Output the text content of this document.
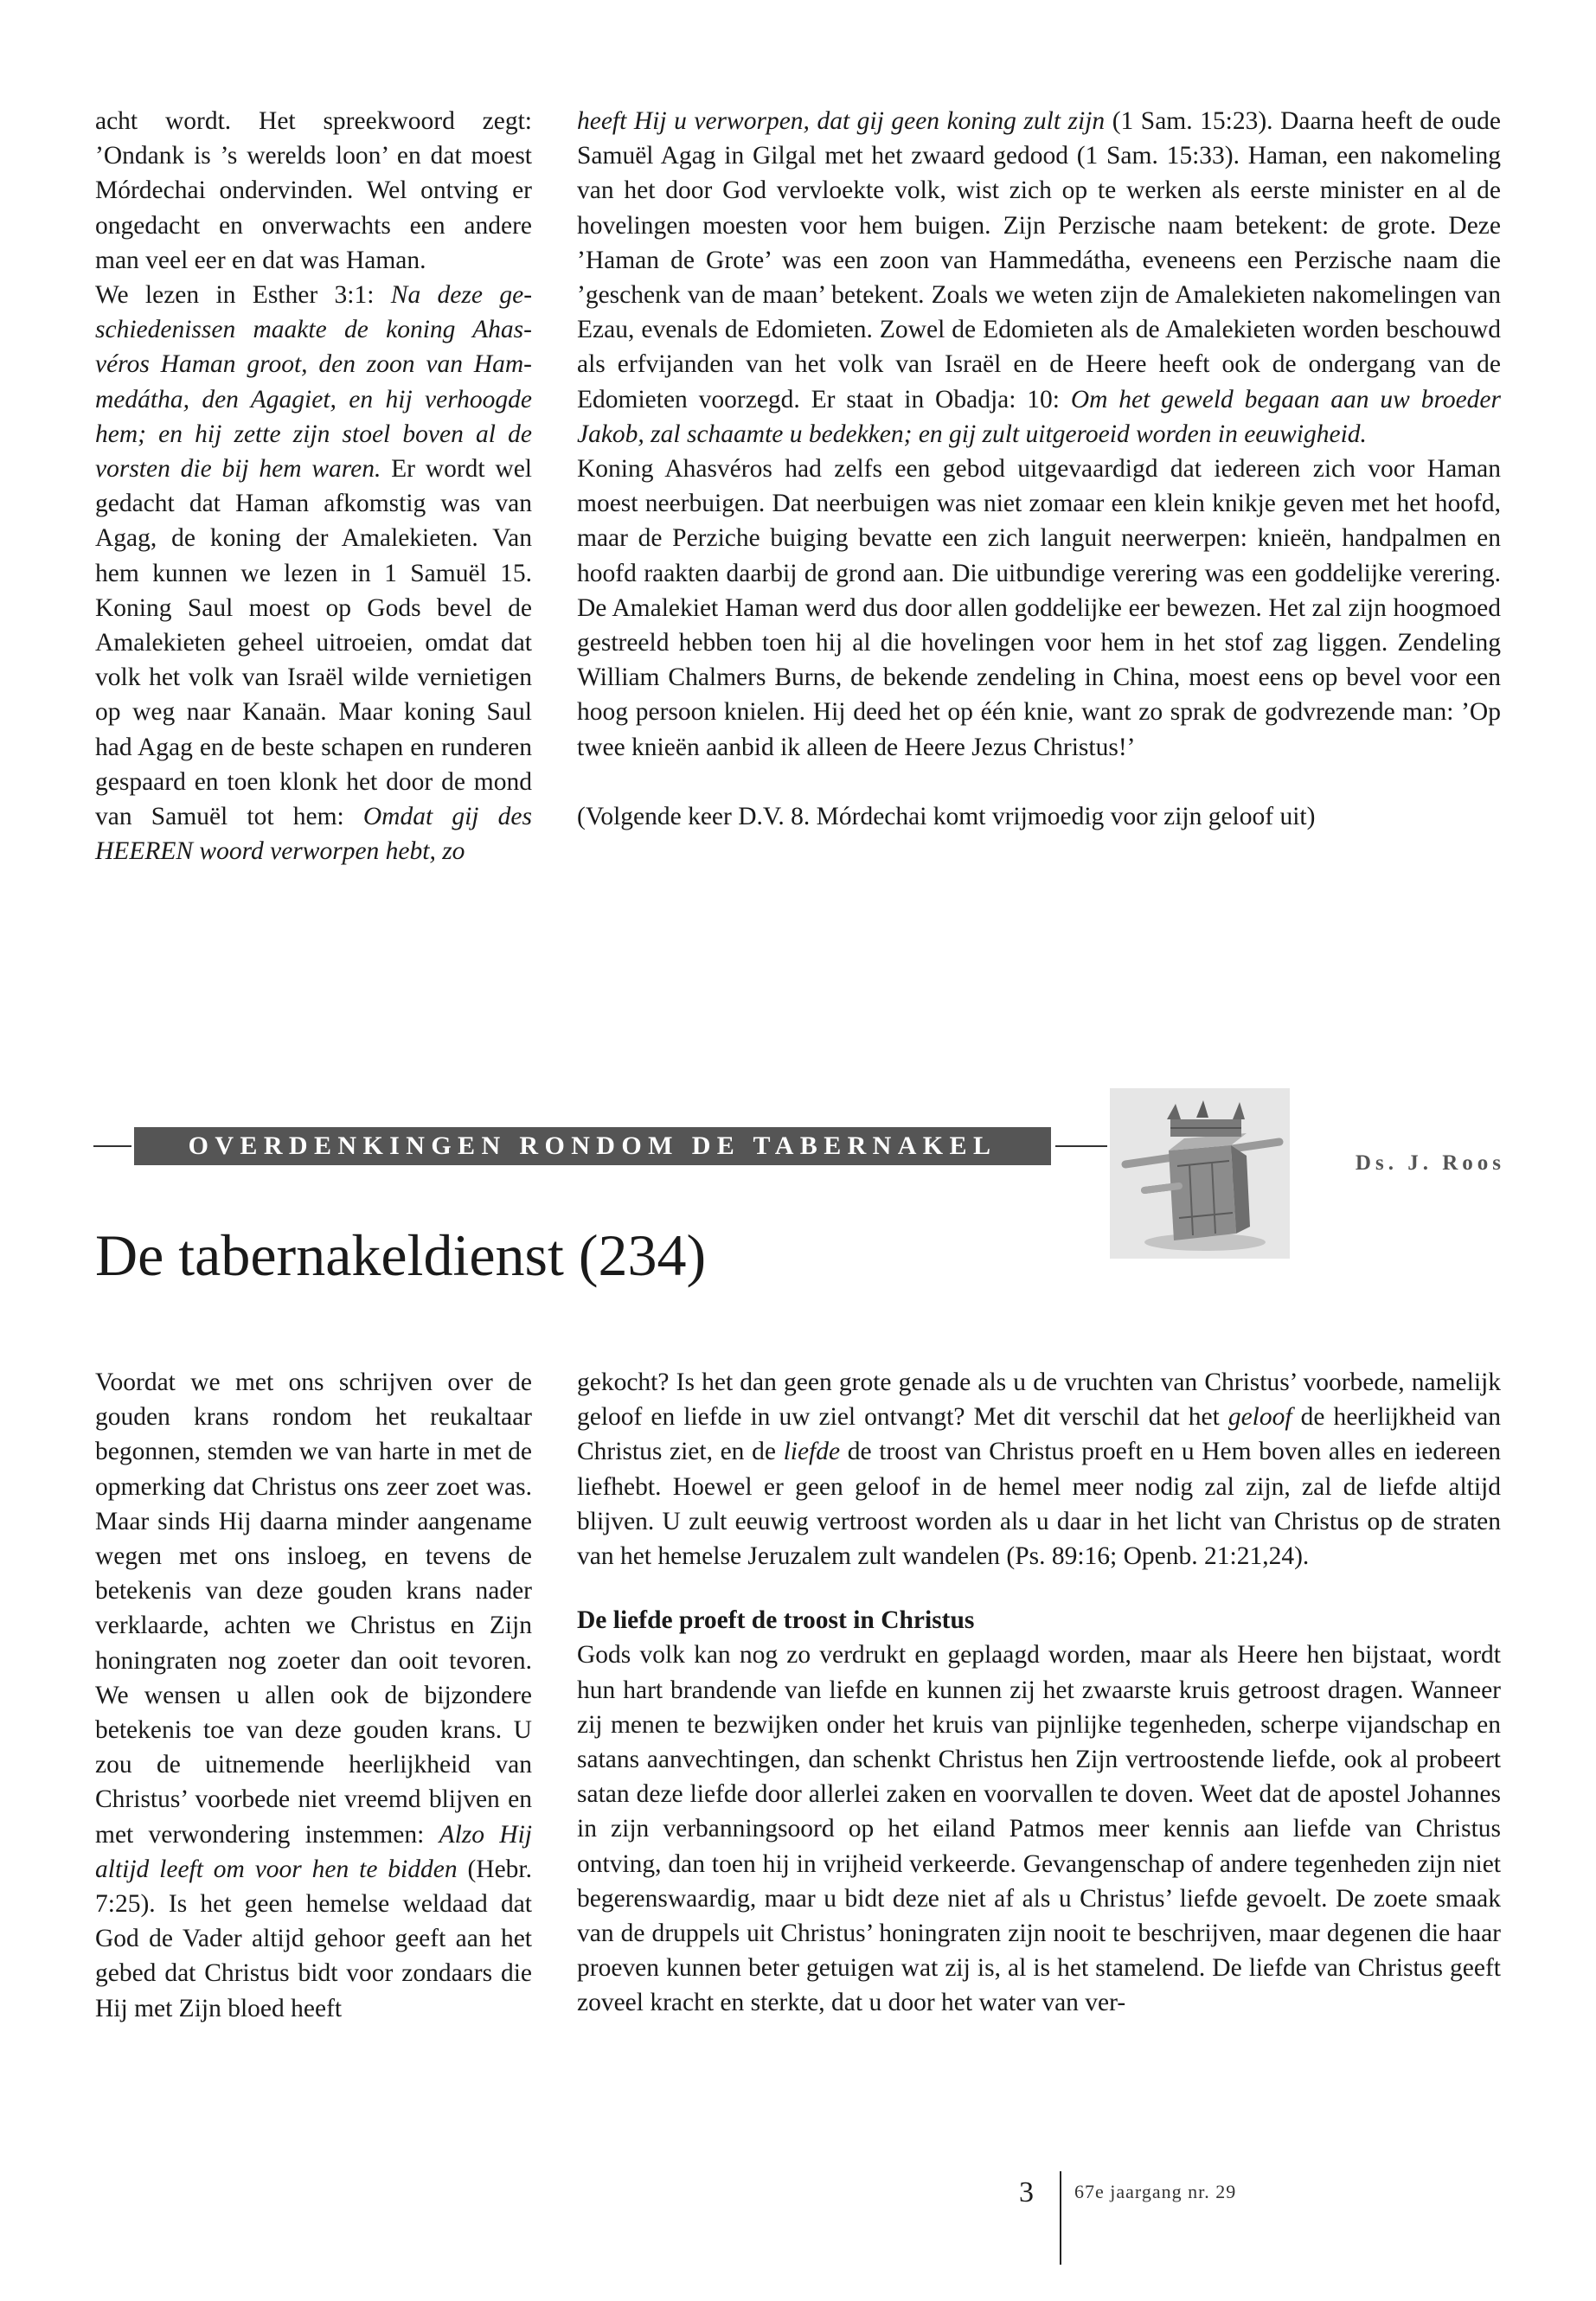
acht wordt. Het spreekwoord zegt: ’Ondank is ’s werelds loon’ en dat moest Mórdechai ondervinden. Wel ontving er ongedacht en onverwachts een andere man veel eer en dat was Haman.

We lezen in Esther 3:1: Na deze geschiedenissen maakte de koning Ahasvéros Haman groot, den zoon van Hammedátha, den Agagiet, en hij verhoogde hem; en hij zette zijn stoel boven al de vorsten die bij hem waren. Er wordt wel gedacht dat Haman afkomstig was van Agag, de koning der Amalekieten. Van hem kunnen we lezen in 1 Samuël 15. Koning Saul moest op Gods bevel de Amalekieten geheel uitroeien, omdat dat volk het volk van Israël wilde vernietigen op weg naar Kanaän. Maar koning Saul had Agag en de beste schapen en runderen gespaard en toen klonk het door de mond van Samuël tot hem: Omdat gij des HEEREN woord verworpen hebt, zo

heeft Hij u verworpen, dat gij geen koning zult zijn (1 Sam. 15:23). Daarna heeft de oude Samuël Agag in Gilgal met het zwaard gedood (1 Sam. 15:33). Haman, een nakomeling van het door God vervloekte volk, wist zich op te werken als eerste minister en al de hovelingen moesten voor hem buigen. Zijn Perzische naam betekent: de grote. Deze ’Haman de Grote’ was een zoon van Hammedátha, eveneens een Perzische naam die ’geschenk van de maan’ betekent. Zoals we weten zijn de Amalekieten nakomelingen van Ezau, evenals de Edomieten. Zowel de Edomieten als de Amalekieten worden beschouwd als erfvijanden van het volk van Israël en de Heere heeft ook de ondergang van de Edomieten voorzegd. Er staat in Obadja: 10: Om het geweld begaan aan uw broeder Jakob, zal schaamte u bedekken; en gij zult uitgeroeid worden in eeuwigheid.

Koning Ahasvéros had zelfs een gebod uitgevaardigd dat iedereen zich voor Haman moest neerbuigen. Dat neerbuigen was niet zomaar een klein knikje geven met het hoofd, maar de Perziche buiging bevatte een zich languit neerwerpen: knieën, handpalmen en hoofd raakten daarbij de grond aan. Die uitbundige verering was een goddelijke verering. De Amalekiet Haman werd dus door allen goddelijke eer bewezen. Het zal zijn hoogmoed gestreeld hebben toen hij al die hovelingen voor hem in het stof zag liggen. Zendeling William Chalmers Burns, de bekende zendeling in China, moest eens op bevel voor een hoog persoon knielen. Hij deed het op één knie, want zo sprak de godvrezende man: ’Op twee knieën aanbid ik alleen de Heere Jezus Christus!’

(Volgende keer D.V. 8. Mórdechai komt vrijmoedig voor zijn geloof uit)

OVERDENKINGEN RONDOM DE TABERNAKEL
Ds. J. Roos
De tabernakeldienst (234)

Voordat we met ons schrijven over de gouden krans rondom het reukaltaar begonnen, stemden we van harte in met de opmerking dat Christus ons zeer zoet was. Maar sinds Hij daarna minder aangename wegen met ons insloeg, en tevens de betekenis van deze gouden krans nader verklaarde, achten we Christus en Zijn honingraten nog zoeter dan ooit tevoren. We wensen u allen ook de bijzondere betekenis toe van deze gouden krans. U zou de uitnemende heerlijkheid van Christus’ voorbede niet vreemd blijven en met verwondering instemmen: Alzo Hij altijd leeft om voor hen te bidden (Hebr. 7:25). Is het geen hemelse weldaad dat God de Vader altijd gehoor geeft aan het gebed dat Christus bidt voor zondaars die Hij met Zijn bloed heeft

gekocht? Is het dan geen grote genade als u de vruchten van Christus’ voorbede, namelijk geloof en liefde in uw ziel ontvangt? Met dit verschil dat het geloof de heerlijkheid van Christus ziet, en de liefde de troost van Christus proeft en u Hem boven alles en iedereen liefhebt. Hoewel er geen geloof in de hemel meer nodig zal zijn, zal de liefde altijd blijven. U zult eeuwig vertroost worden als u daar in het licht van Christus op de straten van het hemelse Jeruzalem zult wandelen (Ps. 89:16; Openb. 21:21,24).

De liefde proeft de troost in Christus

Gods volk kan nog zo verdrukt en geplaagd worden, maar als Heere hen bijstaat, wordt hun hart brandende van liefde en kunnen zij het zwaarste kruis getroost dragen. Wanneer zij menen te bezwijken onder het kruis van pijnlijke tegenheden, scherpe vijandschap en satans aanvechtingen, dan schenkt Christus hen Zijn vertroostende liefde, ook al probeert satan deze liefde door allerlei zaken en voorvallen te doven. Weet dat de apostel Johannes in zijn verbanningsoord op het eiland Patmos meer kennis aan liefde van Christus ontving, dan toen hij in vrijheid verkeerde. Gevangenschap of andere tegenheden zijn niet begerenswaardig, maar u bidt deze niet af als u Christus’ liefde gevoelt. De zoete smaak van de druppels uit Christus’ honingraten zijn nooit te beschrijven, maar degenen die haar proeven kunnen beter getuigen wat zij is, al is het stamelend. De liefde van Christus geeft zoveel kracht en sterkte, dat u door het water van ver-

3 67e jaargang nr. 29
